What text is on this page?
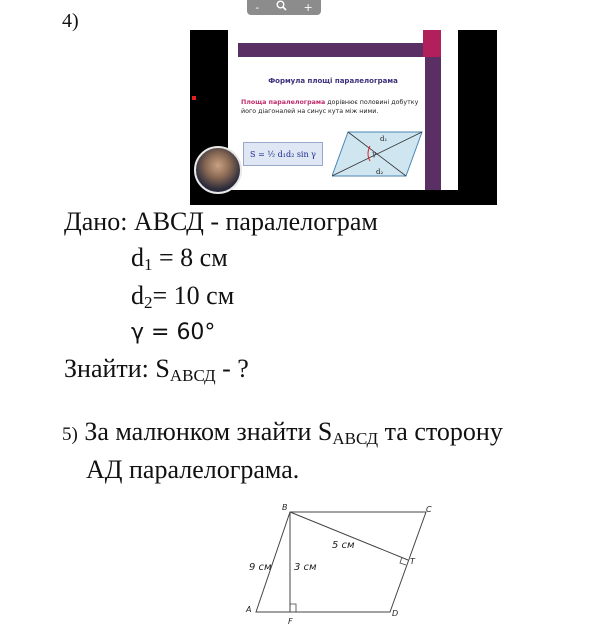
-	+
4)
Формула площі паралелограма
Площа паралелограма дорівнює половині добутку його діагоналей на синус кута між ними.
S = ½ d₁d₂ sin γ
d₁
d₂
γ
Дано: АВСД - паралелограм
$d_1 = 8$ см
$d_2= 10$ см
γ = 60°
Знайти: $S_{АВСД}$ - ?
5) За малюнком знайти $S_{АВСД}$ та сторону
АД паралелограма.
A
B	C
D
F
T
9 см 3 см
5 см
